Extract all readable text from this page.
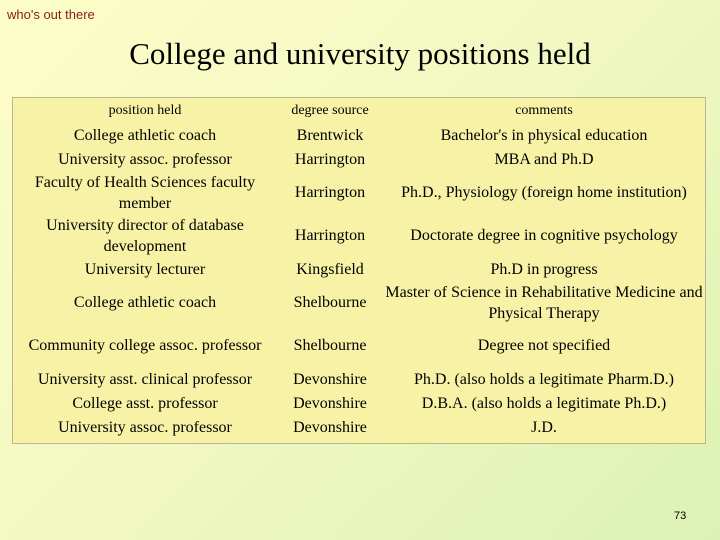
who's out there
College and university positions held
position held	degree source	comments
College athletic coach	Brentwick	Bachelor's in physical education
University assoc. professor	Harrington	MBA and Ph.D
Faculty of Health Sciences faculty member	Harrington	Ph.D., Physiology (foreign home institution)
University director of database development	Harrington	Doctorate degree in cognitive psychology
University lecturer	Kingsfield	Ph.D in progress
College athletic coach	Shelbourne	Master of Science in Rehabilitative Medicine and Physical Therapy
Community college assoc. professor	Shelbourne	Degree not specified
University asst. clinical professor	Devonshire	Ph.D. (also holds a legitimate Pharm.D.)
College asst. professor	Devonshire	D.B.A. (also holds a legitimate Ph.D.)
University assoc. professor	Devonshire	J.D.
73
